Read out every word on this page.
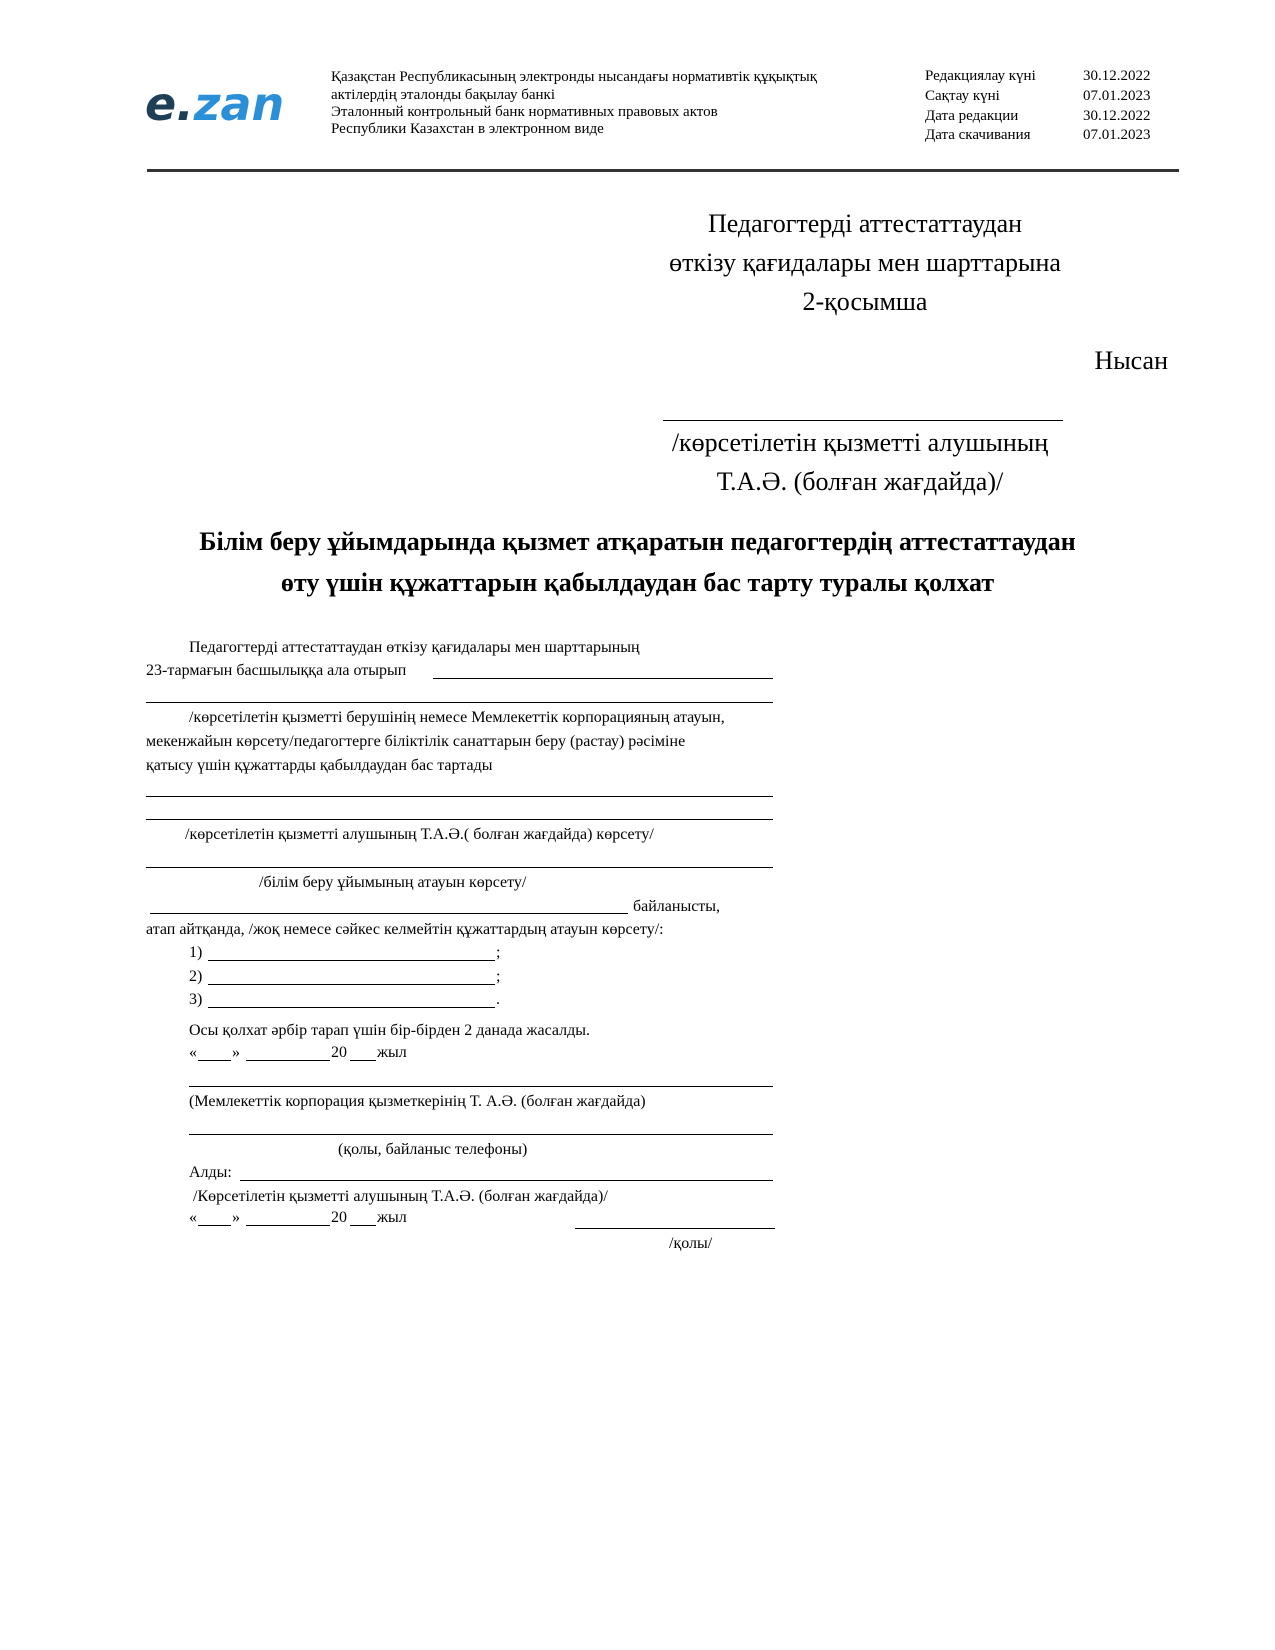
e.zan	Қазақстан Республикасының электронды нысандағы нормативтік құқықтық
актілердің эталонды бақылау банкі
Эталонный контрольный банк нормативных правовых актов
Республики Казахстан в электронном виде
Редакциялау күні	30.12.2022
Сақтау күні	07.01.2023
Дата редакции	30.12.2022
Дата скачивания	07.01.2023
Педагогтерді аттестаттаудан
өткізу қағидалары мен шарттарына
2-қосымша
Нысан
/көрсетілетін қызметті алушының
Т.А.Ә. (болған жағдайда)/
Білім беру ұйымдарында қызмет атқаратын педагогтердің аттестаттаудан
өту үшін құжаттарын қабылдаудан бас тарту туралы қолхат
Педагогтерді аттестаттаудан өткізу қағидалары мен шарттарының
23-тармағын басшылыққа ала отырып
/көрсетілетін қызметті берушінің немесе Мемлекеттік корпорацияның атауын,
мекенжайын көрсету/педагогтерге біліктілік санаттарын беру (растау) рәсіміне
қатысу үшін құжаттарды қабылдаудан бас тартады
/көрсетілетін қызметті алушының Т.А.Ә.( болған жағдайда) көрсету/
/білім беру ұйымының атауын көрсету/
байланысты,
атап айтқанда, /жоқ немесе сәйкес келмейтін құжаттардың атауын көрсету/:
1)	;
2)	;
3)	.
Осы қолхат әрбір тарап үшін бір-бірден 2 данада жасалды.
« »	20 жыл
(Мемлекеттік корпорация қызметкерінің Т. А.Ә. (болған жағдайда)
(қолы, байланыс телефоны)
Алды:
/Көрсетілетін қызметті алушының Т.А.Ә. (болған жағдайда)/
« »	20 жыл
/қолы/
